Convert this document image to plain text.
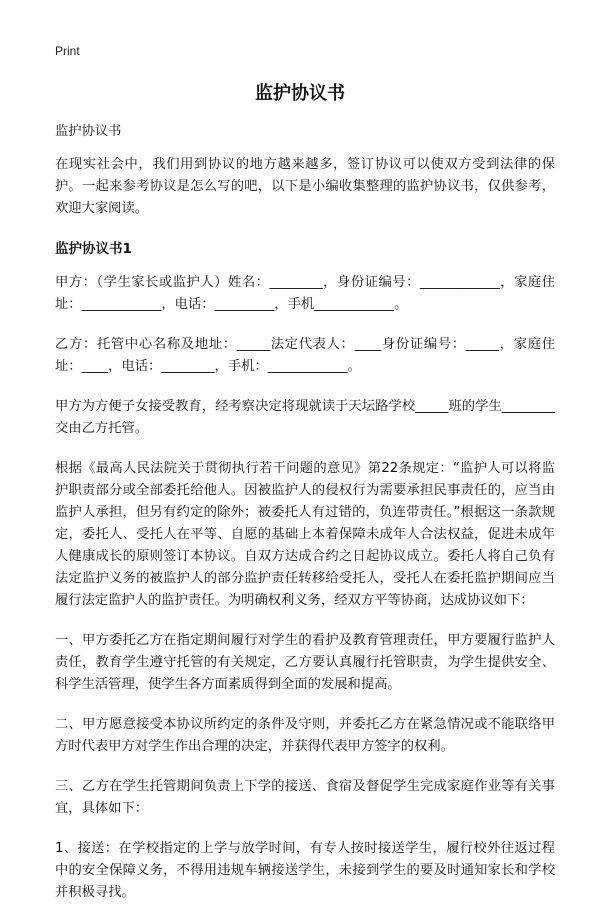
Print
监护协议书

监护协议书

在现实社会中，我们用到协议的地方越来越多，签订协议可以使双方受到法律的保护。一起来参考协议是怎么写的吧，以下是小编收集整理的监护协议书，仅供参考，欢迎大家阅读。

监护协议书1

甲方：（学生家长或监护人）姓名：________，身份证编号：____________，家庭住址：____________，电话：_________，手机____________。

乙方：托管中心名称及地址：_____法定代表人：____身份证编号：_____，家庭住址：____，电话：________，手机：____________。

甲方为方便子女接受教育，经考察决定将现就读于天坛路学校_____班的学生________交由乙方托管。

根据《最高人民法院关于贯彻执行若干问题的意见》第22条规定：“监护人可以将监护职责部分或全部委托给他人。因被监护人的侵权行为需要承担民事责任的，应当由监护人承担，但另有约定的除外；被委托人有过错的，负连带责任。”根据这一条款规定，委托人、受托人在平等、自愿的基础上本着保障未成年人合法权益，促进未成年人健康成长的原则签订本协议。自双方达成合约之日起协议成立。委托人将自己负有法定监护义务的被监护人的部分监护责任转移给受托人，受托人在委托监护期间应当履行法定监护人的监护责任。为明确权利义务，经双方平等协商，达成协议如下：

一、甲方委托乙方在指定期间履行对学生的看护及教育管理责任，甲方要履行监护人责任，教育学生遵守托管的有关规定，乙方要认真履行托管职责，为学生提供安全、科学生活管理，使学生各方面素质得到全面的发展和提高。

二、甲方愿意接受本协议所约定的条件及守则，并委托乙方在紧急情况或不能联络甲方时代表甲方对学生作出合理的决定，并获得代表甲方签字的权利。

三、乙方在学生托管期间负责上下学的接送、食宿及督促学生完成家庭作业等有关事宜，具体如下：

1、接送：在学校指定的上学与放学时间，有专人按时接送学生，履行校外往返过程中的安全保障义务，不得用违规车辆接送学生，未接到学生的要及时通知家长和学校并积极寻找。
